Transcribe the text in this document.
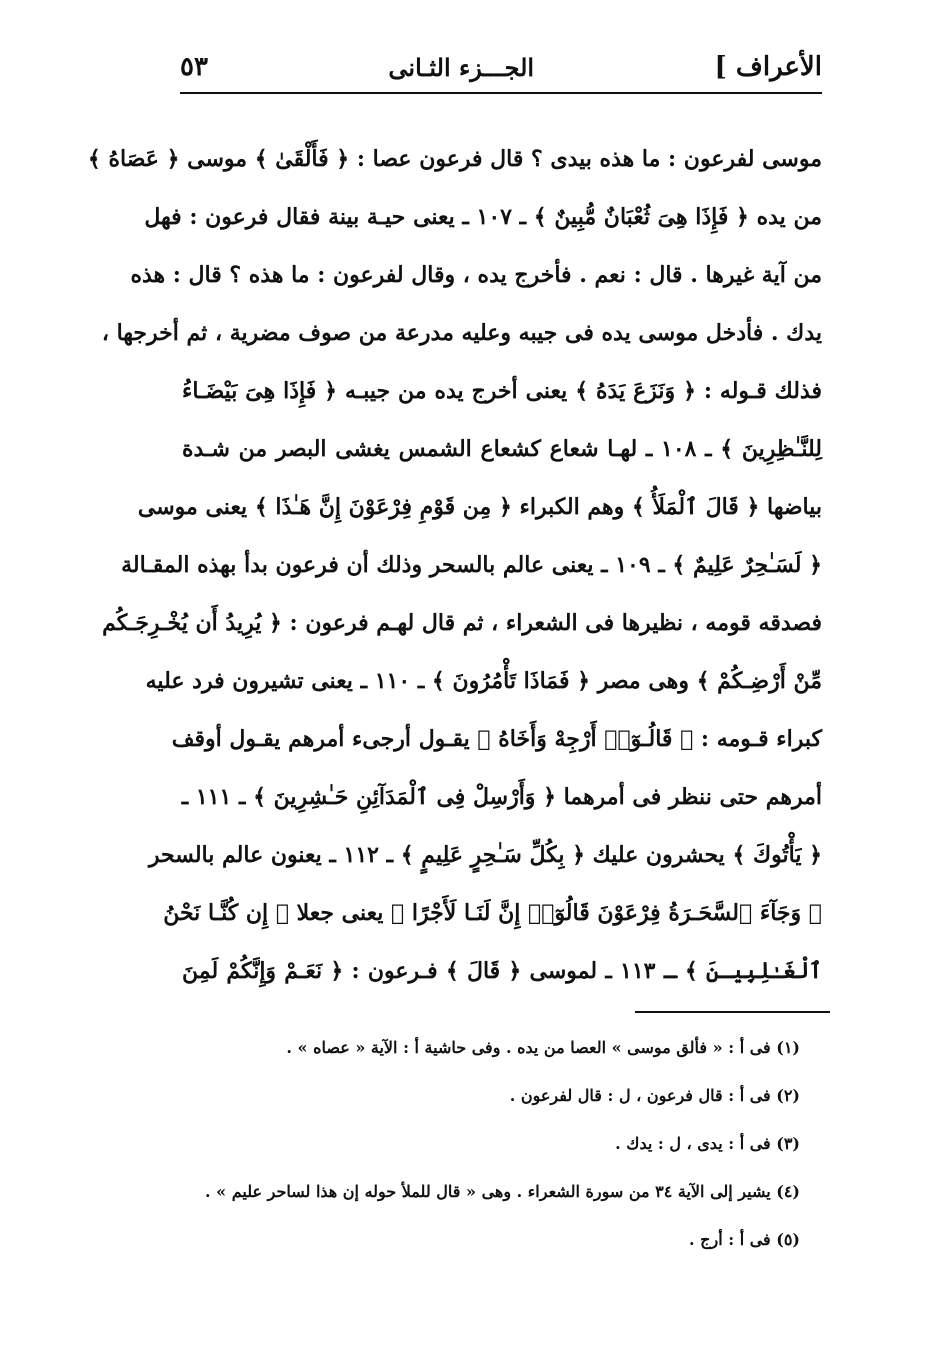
الأعراف ]
الجـــزء الثـانى
٥٣
موسى لفرعون : ما هذه بيدى ؟ قال فرعون عصا : ﴿ فَأَلْقَىٰ ﴾ موسى ﴿ عَصَاهُ ﴾
من يده ﴿ فَإِذَا هِىَ ثُعْبَانٌ مُّبِينٌ ﴾ ـ ١٠٧ ـ يعنى حيـة بينة فقال فرعون : فهل
من آية غيرها . قال : نعم . فأخرج يده ، وقال لفرعون : ما هذه ؟ قال : هذه
يدك . فأدخل موسى يده فى جيبه وعليه مدرعة من صوف مضرية ، ثم أخرجها ،
فذلك قـوله : ﴿ وَنَزَعَ يَدَهُ ﴾ يعنى أخرج يده من جيبـه ﴿ فَإِذَا هِىَ بَيْضَـاءُ
لِلنَّـٰظِرِينَ ﴾ ـ ١٠٨ ـ لهـا شعاع كشعاع الشمس يغشى البصر من شـدة
بياضها ﴿ قَالَ ٱلْمَلَأُ ﴾ وهم الكبراء ﴿ مِن قَوْمِ فِرْعَوْنَ إِنَّ هَـٰذَا ﴾ يعنى موسى
﴿ لَسَـٰحِرٌ عَلِيمٌ ﴾ ـ ١٠٩ ـ يعنى عالم بالسحر وذلك أن فرعون بدأ بهذه المقـالة
فصدقه قومه ، نظيرها فى الشعراء ، ثم قال لهـم فرعون : ﴿ يُرِيدُ أَن يُخْـرِجَـكُم
مِّنْ أَرْضِـكُمْ ﴾ وهى مصر ﴿ فَمَاذَا تَأْمُرُونَ ﴾ ـ ١١٠ ـ يعنى تشيرون فرد عليه
كبراء قـومه : ﴿ قَالُـوٓا۟ أَرْجِهْ وَأَخَاهُ ﴾ يقـول أرجىء أمرهم يقـول أوقف
أمرهم حتى ننظر فى أمرهما ﴿ وَأَرْسِلْ فِى ٱلْمَدَآئِنِ حَـٰشِرِينَ ﴾ ـ ١١١ ـ
﴿ يَأْتُوكَ ﴾ يحشرون عليك ﴿ بِكُلِّ سَـٰحِرٍ عَلِيمٍ ﴾ ـ ١١٢ ـ يعنون عالم بالسحر
﴿ وَجَآءَ ٱلسَّحَـرَةُ فِرْعَوْنَ قَالُوٓا۟ إِنَّ لَنَـا لَأَجْرًا ﴾ يعنى جعلا ﴿ إِن كُنَّـا نَحْنُ
ٱلْغَـٰلِبِيـنَ ﴾ ـ ١١٣ ـ لموسى ﴿ قَالَ ﴾ فـرعون : ﴿ نَعَـمْ وَإِنَّكُمْ لَمِنَ
(١) فى أ : « فألق موسى » العصا من يده . وفى حاشية أ : الآية « عصاه » .
(٢) فى أ : قال فرعون ، ل : قال لفرعون .
(٣) فى أ : يدى ، ل : يدك .
(٤) يشير إلى الآية ٣٤ من سورة الشعراء . وهى « قال للملأ حوله إن هذا لساحر عليم » .
(٥) فى أ : أرج .
